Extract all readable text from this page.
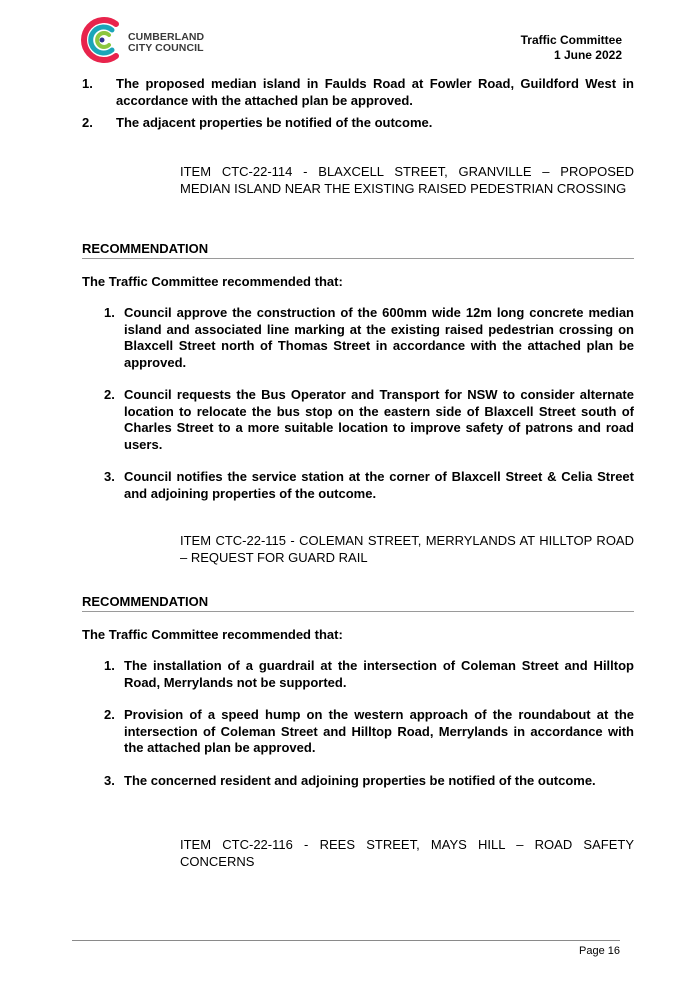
CUMBERLAND
CITY COUNCIL
Traffic Committee
1 June 2022
1. The proposed median island in Faulds Road at Fowler Road, Guildford West in accordance with the attached plan be approved.
2. The adjacent properties be notified of the outcome.
ITEM CTC-22-114 - BLAXCELL STREET, GRANVILLE – PROPOSED MEDIAN ISLAND NEAR THE EXISTING RAISED PEDESTRIAN CROSSING
RECOMMENDATION
The Traffic Committee recommended that:
1. Council approve the construction of the 600mm wide 12m long concrete median island and associated line marking at the existing raised pedestrian crossing on Blaxcell Street north of Thomas Street in accordance with the attached plan be approved.
2. Council requests the Bus Operator and Transport for NSW to consider alternate location to relocate the bus stop on the eastern side of Blaxcell Street south of Charles Street to a more suitable location to improve safety of patrons and road users.
3. Council notifies the service station at the corner of Blaxcell Street & Celia Street and adjoining properties of the outcome.
ITEM CTC-22-115 - COLEMAN STREET, MERRYLANDS AT HILLTOP ROAD – REQUEST FOR GUARD RAIL
RECOMMENDATION
The Traffic Committee recommended that:
1. The installation of a guardrail at the intersection of Coleman Street and Hilltop Road, Merrylands not be supported.
2. Provision of a speed hump on the western approach of the roundabout at the intersection of Coleman Street and Hilltop Road, Merrylands in accordance with the attached plan be approved.
3. The concerned resident and adjoining properties be notified of the outcome.
ITEM CTC-22-116 - REES STREET, MAYS HILL – ROAD SAFETY CONCERNS
Page 16
